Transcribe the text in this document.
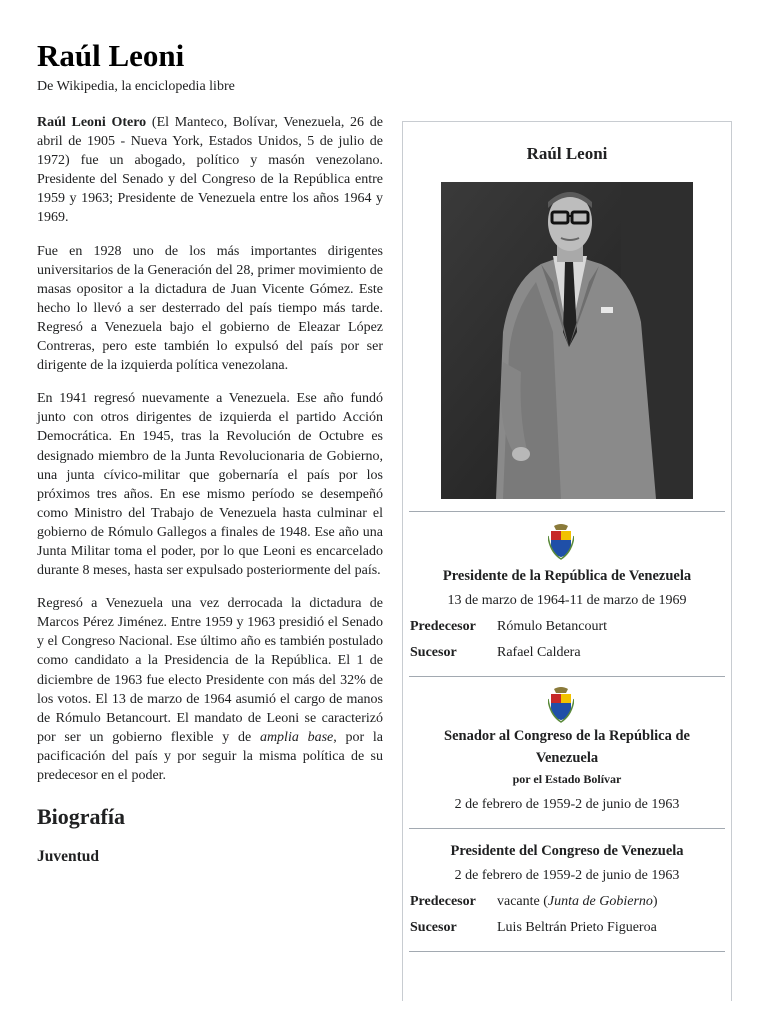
Raúl Leoni
De Wikipedia, la enciclopedia libre

Raúl Leoni Otero (El Manteco, Bolívar, Venezuela, 26 de abril de 1905 - Nueva York, Estados Unidos, 5 de julio de 1972) fue un abogado, político y masón venezolano. Presidente del Senado y del Congreso de la República entre 1959 y 1963; Presidente de Venezuela entre los años 1964 y 1969.

Fue en 1928 uno de los más importantes dirigentes universitarios de la Generación del 28, primer movimiento de masas opositor a la dictadura de Juan Vicente Gómez. Este hecho lo llevó a ser desterrado del país tiempo más tarde. Regresó a Venezuela bajo el gobierno de Eleazar López Contreras, pero este también lo expulsó del país por ser dirigente de la izquierda política venezolana.

En 1941 regresó nuevamente a Venezuela. Ese año fundó junto con otros dirigentes de izquierda el partido Acción Democrática. En 1945, tras la Revolución de Octubre es designado miembro de la Junta Revolucionaria de Gobierno, una junta cívico-militar que gobernaría el país por los próximos tres años. En ese mismo período se desempeñó como Ministro del Trabajo de Venezuela hasta culminar el gobierno de Rómulo Gallegos a finales de 1948. Ese año una Junta Militar toma el poder, por lo que Leoni es encarcelado durante 8 meses, hasta ser expulsado posteriormente del país.

Regresó a Venezuela una vez derrocada la dictadura de Marcos Pérez Jiménez. Entre 1959 y 1963 presidió el Senado y el Congreso Nacional. Ese último año es también postulado como candidato a la Presidencia de la República. El 1 de diciembre de 1963 fue electo Presidente con más del 32% de los votos. El 13 de marzo de 1964 asumió el cargo de manos de Rómulo Betancourt. El mandato de Leoni se caracterizó por ser un gobierno flexible y de amplia base, por la pacificación del país y por seguir la misma política de su predecesor en el poder.

Biografía
Juventud
Raúl Leoni
Presidente de la República de Venezuela
13 de marzo de 1964-11 de marzo de 1969
Predecesor Rómulo Betancourt
Sucesor	Rafael Caldera
Senador al Congreso de la República de
Venezuela
por el Estado Bolívar
2 de febrero de 1959-2 de junio de 1963
Presidente del Congreso de Venezuela
2 de febrero de 1959-2 de junio de 1963
Predecesor vacante (Junta de Gobierno)
Sucesor	Luis Beltrán Prieto Figueroa
